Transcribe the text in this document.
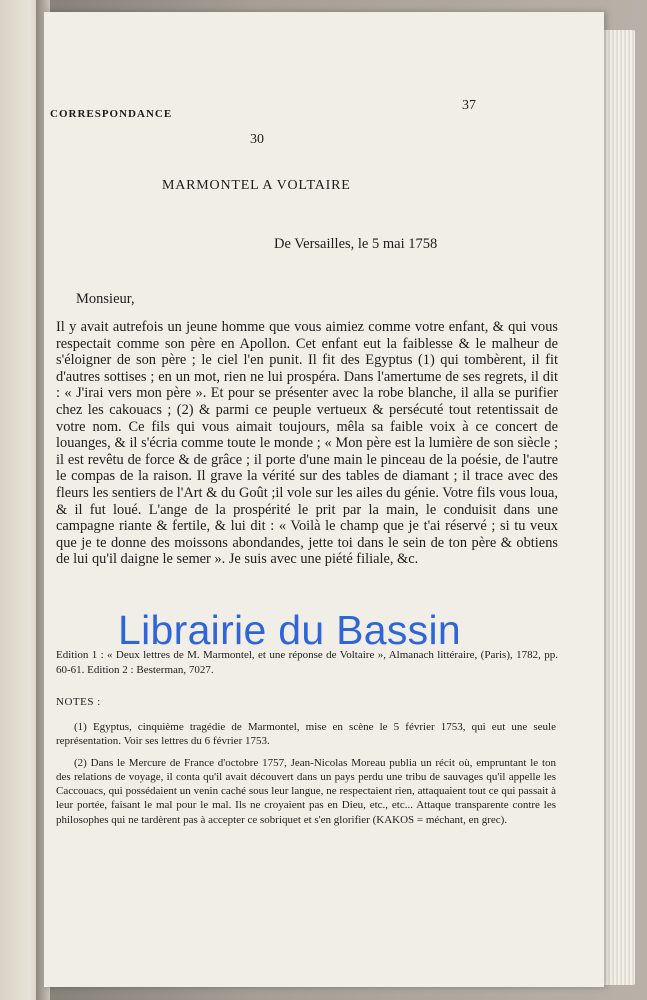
CORRESPONDANCE
37
30
MARMONTEL A VOLTAIRE
De Versailles, le 5 mai 1758
Monsieur,

Il y avait autrefois un jeune homme que vous aimiez comme votre enfant, & qui vous respectait comme son père en Apollon. Cet enfant eut la faiblesse & le malheur de s'éloigner de son père ; le ciel l'en punit. Il fit des Egyptus (1) qui tombèrent, il fit d'autres sottises ; en un mot, rien ne lui prospéra. Dans l'amertume de ses regrets, il dit : « J'irai vers mon père ». Et pour se présenter avec la robe blanche, il alla se purifier chez les cakouacs ; (2) & parmi ce peuple vertueux & persécuté tout retentissait de votre nom. Ce fils qui vous aimait toujours, mêla sa faible voix à ce concert de louanges, & il s'écria comme toute le monde ; « Mon père est la lumière de son siècle ; il est revêtu de force & de grâce ; il porte d'une main le pinceau de la poésie, de l'autre le compas de la raison. Il grave la vérité sur des tables de diamant ; il trace avec des fleurs les sentiers de l'Art & du Goût ;il vole sur les ailes du génie. Votre fils vous loua, & il fut loué. L'ange de la prospérité le prit par la main, le conduisit dans une campagne riante & fertile, & lui dit : « Voilà le champ que je t'ai réservé ; si tu veux que je te donne des moissons abondandes, jette toi dans le sein de ton père & obtiens de lui qu'il daigne le semer ». Je suis avec une piété filiale, &c.

Edition 1 : « Deux lettres de M. Marmontel, et une réponse de Voltaire », Almanach littéraire, (Paris), 1782, pp. 60-61. Edition 2 : Besterman, 7027.
NOTES :

(1) Egyptus, cinquième tragédie de Marmontel, mise en scène le 5 février 1753, qui eut une seule représentation. Voir ses lettres du 6 février 1753.

(2) Dans le Mercure de France d'octobre 1757, Jean-Nicolas Moreau publia un récit où, empruntant le ton des relations de voyage, il conta qu'il avait découvert dans un pays perdu une tribu de sauvages qu'il appelle les Caccouacs, qui possédaient un venin caché sous leur langue, ne respectaient rien, attaquaient tout ce qui passait à leur portée, faisant le mal pour le mal. Ils ne croyaient pas en Dieu, etc., etc... Attaque transparente contre les philosophes qui ne tardèrent pas à accepter ce sobriquet et s'en glorifier (KAKOS = méchant, en grec).

Librairie du Bassin
